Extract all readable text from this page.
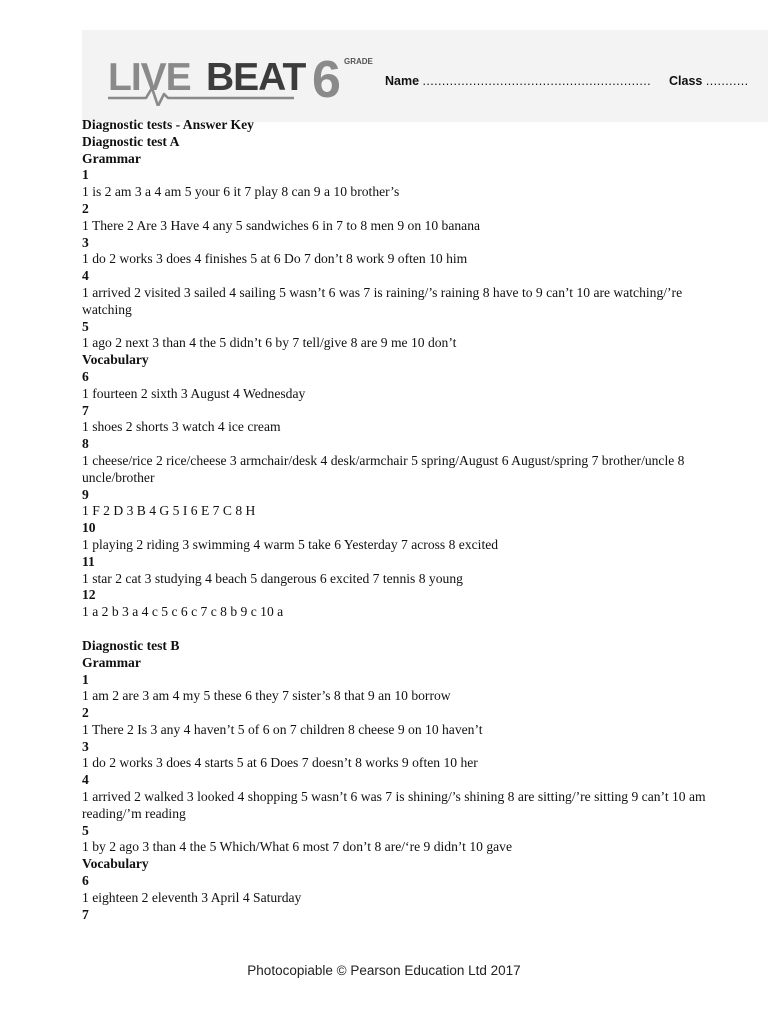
LIVE BEAT 6 GRADE
Name ........................................................... Class ...........
Diagnostic tests - Answer Key
Diagnostic test A
Grammar
1
1 is 2 am 3 a 4 am 5 your 6 it 7 play 8 can 9 a 10 brother’s
2
1 There 2 Are 3 Have 4 any 5 sandwiches 6 in 7 to 8 men 9 on 10 banana
3
1 do 2 works 3 does 4 finishes 5 at 6 Do 7 don’t 8 work 9 often 10 him
4
1 arrived 2 visited 3 sailed 4 sailing 5 wasn’t 6 was 7 is raining/’s raining 8 have to 9 can’t 10 are watching/’re watching
5
1 ago 2 next 3 than 4 the 5 didn’t 6 by 7 tell/give 8 are 9 me 10 don’t
Vocabulary
6
1 fourteen 2 sixth 3 August 4 Wednesday
7
1 shoes 2 shorts 3 watch 4 ice cream
8
1 cheese/rice 2 rice/cheese 3 armchair/desk 4 desk/armchair 5 spring/August 6 August/spring 7 brother/uncle 8 uncle/brother
9
1 F 2 D 3 B 4 G 5 I 6 E 7 C 8 H
10
1 playing 2 riding 3 swimming 4 warm 5 take 6 Yesterday 7 across 8 excited
11
1 star 2 cat 3 studying 4 beach 5 dangerous 6 excited 7 tennis 8 young
12
1 a 2 b 3 a 4 c 5 c 6 c 7 c 8 b 9 c 10 a
Diagnostic test B
Grammar
1
1 am 2 are 3 am 4 my 5 these 6 they 7 sister’s 8 that 9 an 10 borrow
2
1 There 2 Is 3 any 4 haven’t 5 of 6 on 7 children 8 cheese 9 on 10 haven’t
3
1 do 2 works 3 does 4 starts 5 at 6 Does 7 doesn’t 8 works 9 often 10 her
4
1 arrived 2 walked 3 looked 4 shopping 5 wasn’t 6 was 7 is shining/’s shining 8 are sitting/’re sitting 9 can’t 10 am reading/’m reading
5
1 by 2 ago 3 than 4 the 5 Which/What 6 most 7 don’t 8 are/‘re 9 didn’t 10 gave
Vocabulary
6
1 eighteen 2 eleventh 3 April 4 Saturday
7
Photocopiable © Pearson Education Ltd 2017
